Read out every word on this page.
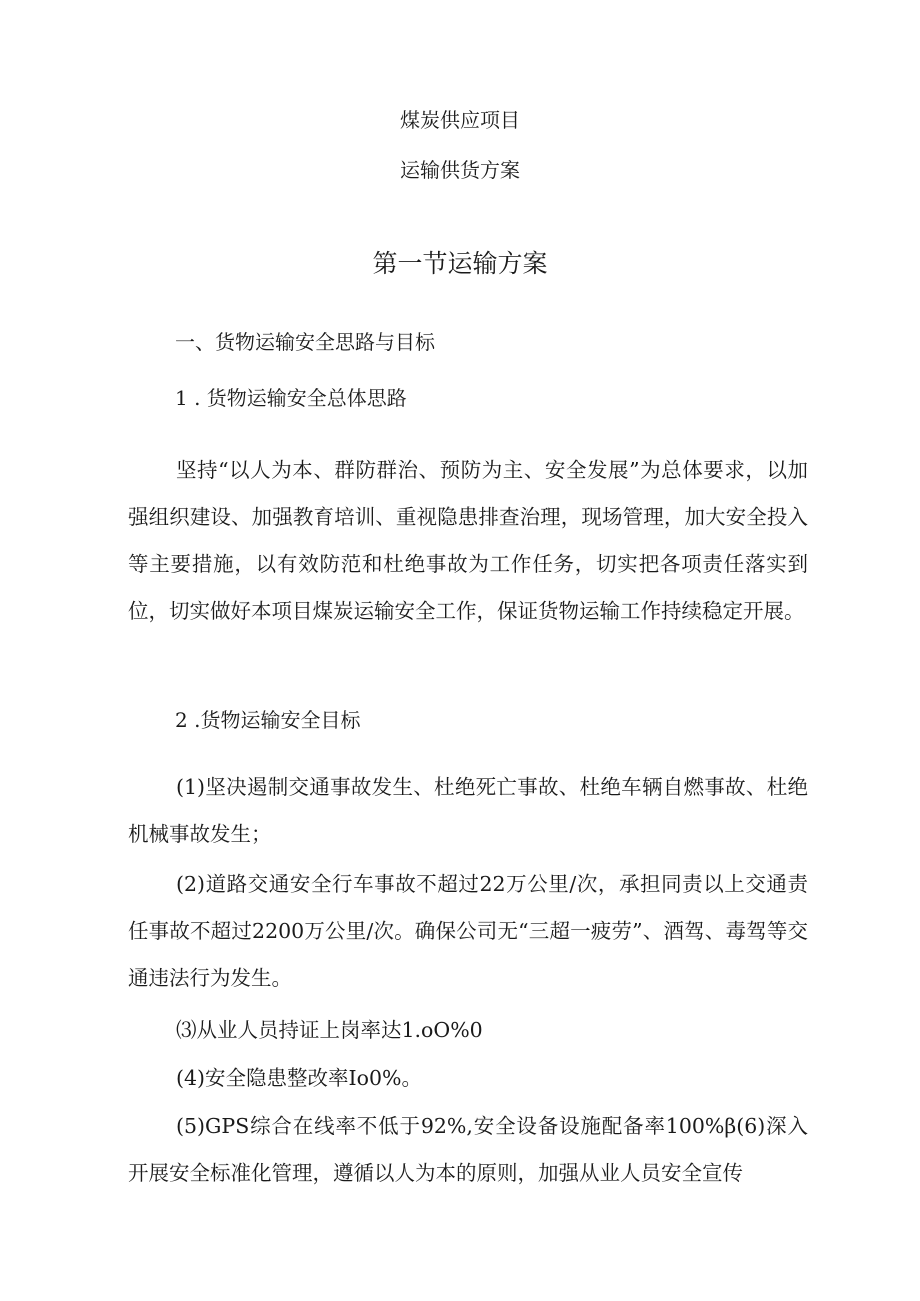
煤炭供应项目
运输供货方案
第一节运输方案
一、货物运输安全思路与目标
1 . 货物运输安全总体思路

坚持“以人为本、群防群治、预防为主、安全发展”为总体要求，以加强组织建设、加强教育培训、重视隐患排查治理，现场管理，加大安全投入等主要措施，以有效防范和杜绝事故为工作任务，切实把各项责任落实到位，切实做好本项目煤炭运输安全工作，保证货物运输工作持续稳定开展。

2 .货物运输安全目标

(1)坚决遏制交通事故发生、杜绝死亡事故、杜绝车辆自燃事故、杜绝机械事故发生；

(2)道路交通安全行车事故不超过22万公里/次，承担同责以上交通责任事故不超过2200万公里/次。确保公司无“三超一疲劳”、酒驾、毒驾等交通违法行为发生。

⑶从业人员持证上岗率达1.oO%0

(4)安全隐患整改率Io0%。

(5)GPS综合在线率不低于92%,安全设备设施配备率100%β(6)深入开展安全标准化管理，遵循以人为本的原则，加强从业人员安全宣传
